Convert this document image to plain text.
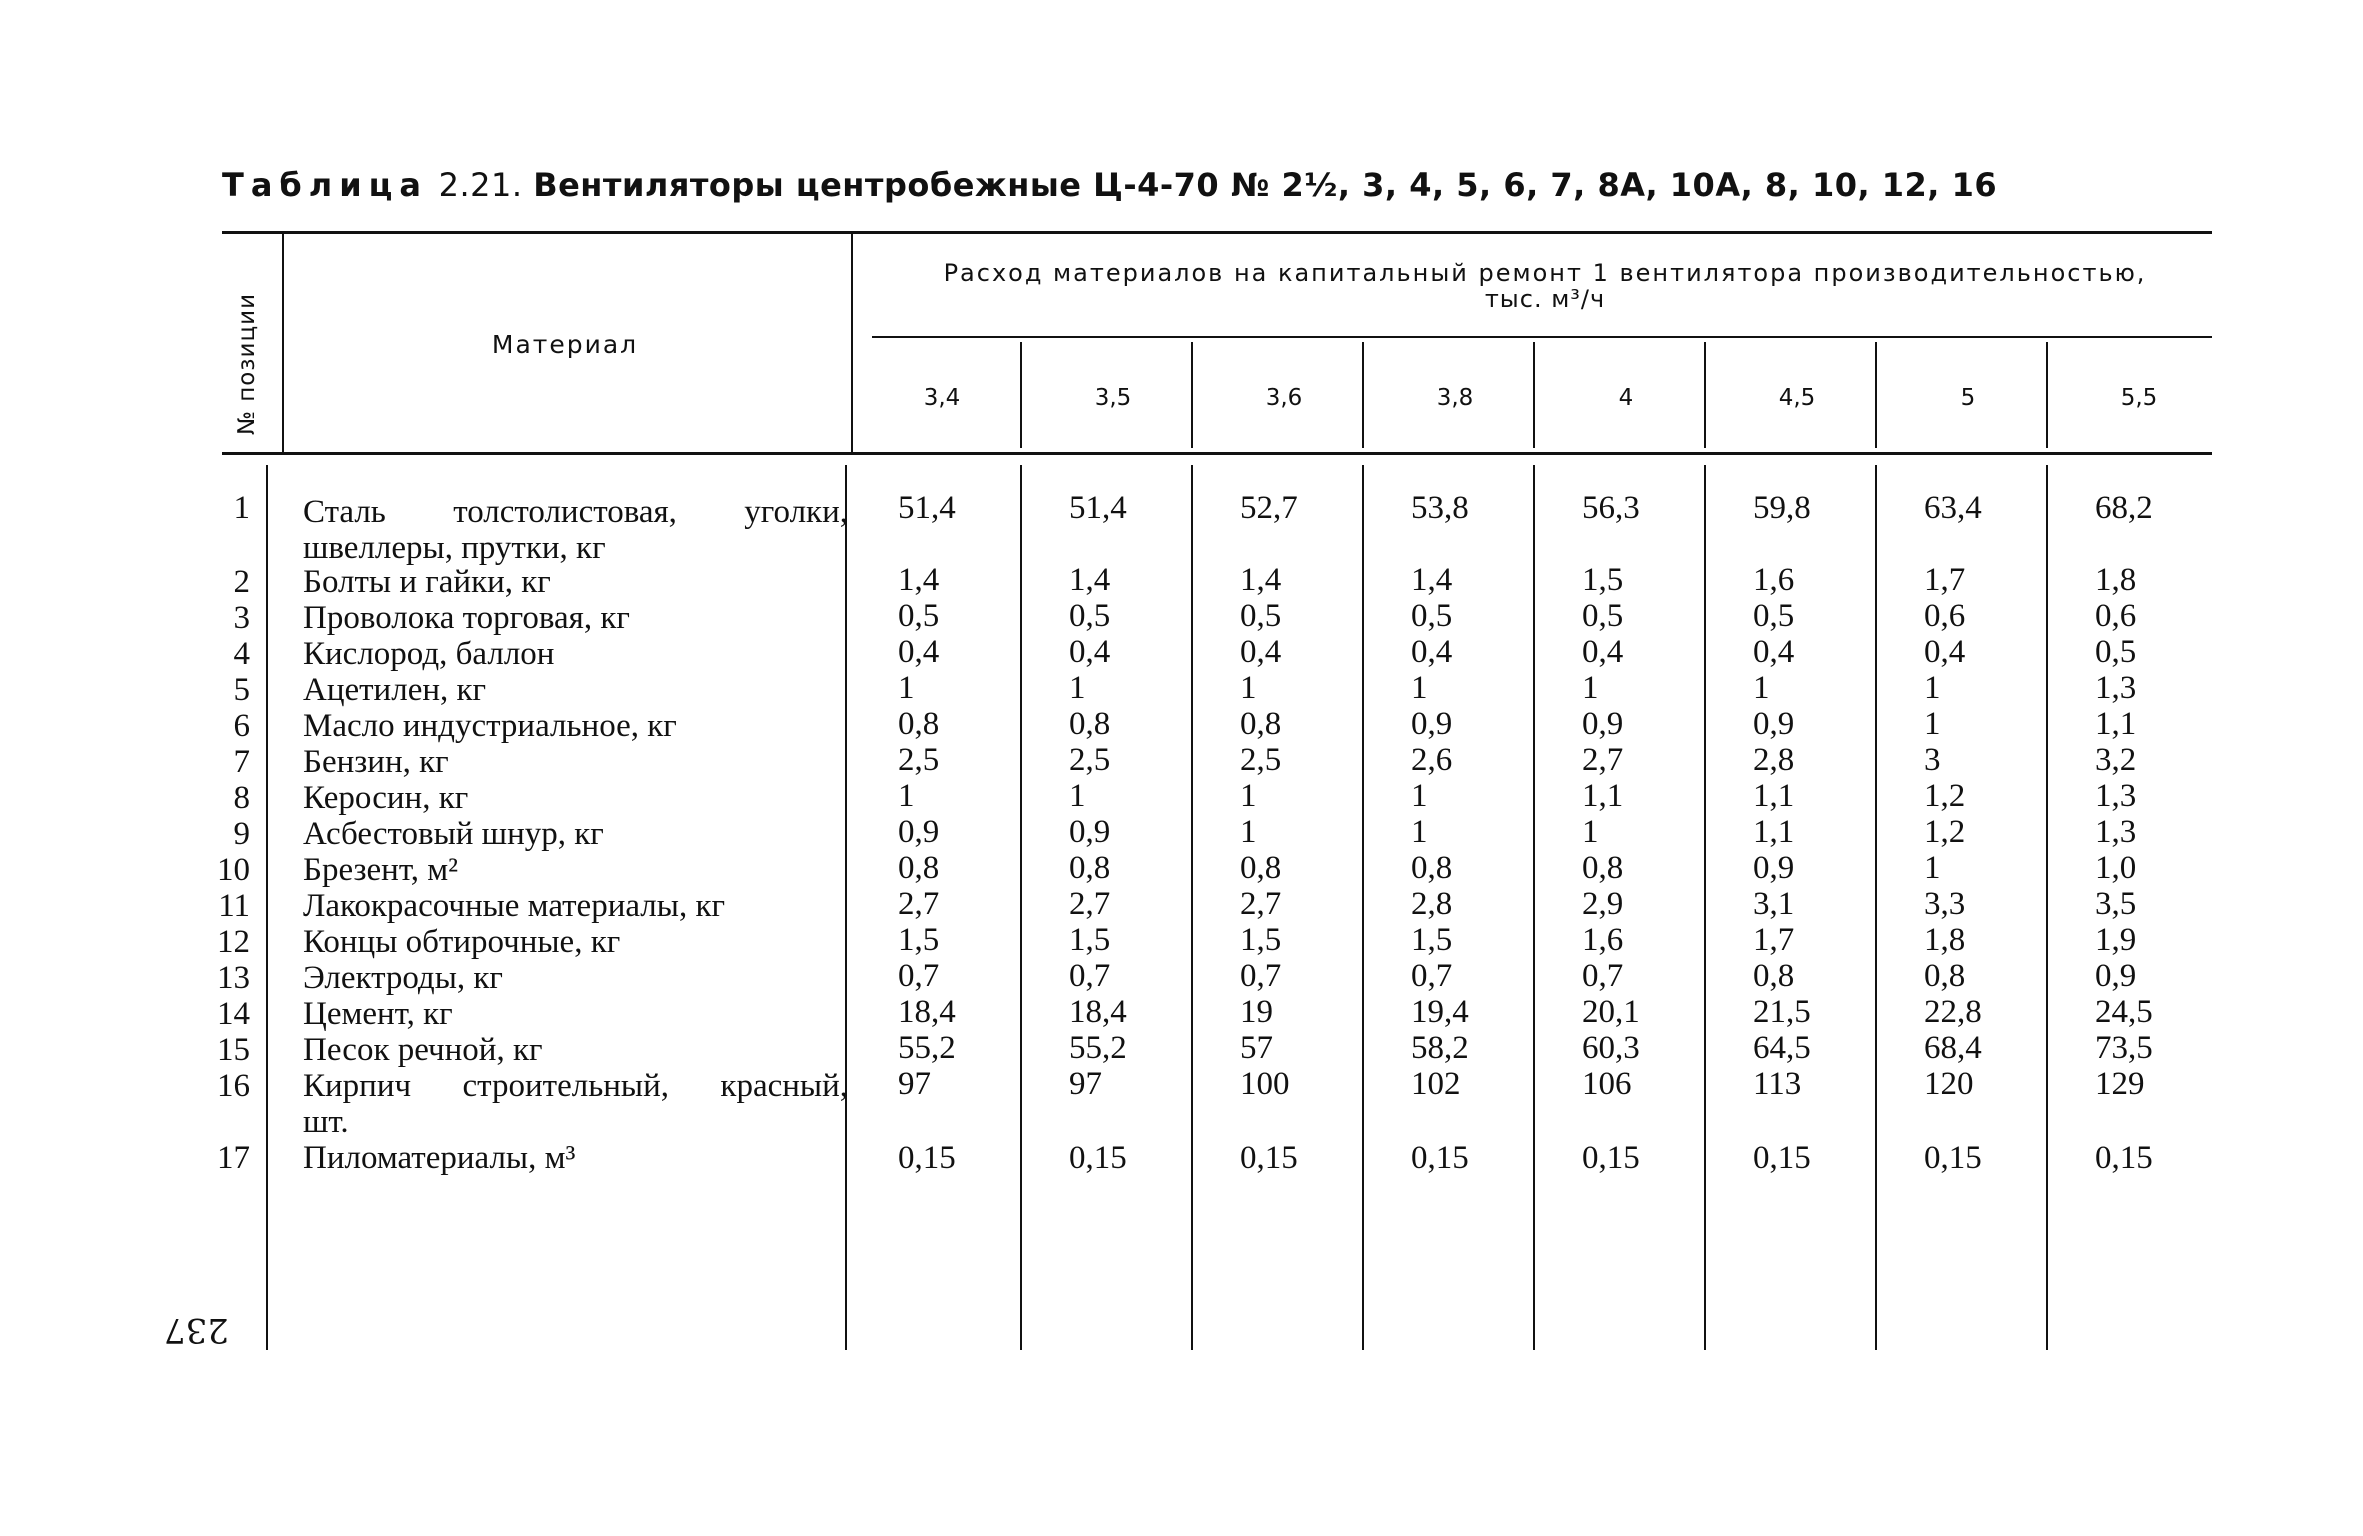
Таблица 2.21. Вентиляторы центробежные Ц-4-70 № 2½, 3, 4, 5, 6, 7, 8А, 10А, 8, 10, 12, 16
№ позиции	Материал
Расход материалов на капитальный ремонт 1 вентилятора производительностью,
тыс. м³/ч
3,4	3,5	3,6	3,8	4	4,5	5	5,5
1 Сталь толстолистовая, уголки,
швеллеры, прутки, кг
51,4	51,4	52,7	53,8	56,3	59,8	63,4	68,2
2 Болты и гайки, кг	1,4	1,4	1,4	1,4	1,5	1,6	1,7	1,8
3 Проволока торговая, кг	0,5	0,5	0,5	0,5	0,5	0,5	0,6	0,6
4 Кислород, баллон	0,4	0,4	0,4	0,4	0,4	0,4	0,4	0,5
5 Ацетилен, кг	1	1	1	1	1	1	1	1,3
6 Масло индустриальное, кг	0,8	0,8	0,8	0,9	0,9	0,9	1	1,1
7 Бензин, кг	2,5	2,5	2,5	2,6	2,7	2,8	3	3,2
8 Керосин, кг	1	1	1	1	1,1	1,1	1,2	1,3
9 Асбестовый шнур, кг	0,9	0,9	1	1	1	1,1	1,2	1,3
10 Брезент, м²	0,8	0,8	0,8	0,8	0,8	0,9	1	1,0
11 Лакокрасочные материалы, кг	2,7	2,7	2,7	2,8	2,9	3,1	3,3	3,5
12 Концы обтирочные, кг	1,5	1,5	1,5	1,5	1,6	1,7	1,8	1,9
13 Электроды, кг	0,7	0,7	0,7	0,7	0,7	0,8	0,8	0,9
14 Цемент, кг	18,4	18,4	19	19,4	20,1	21,5	22,8	24,5
15 Песок речной, кг	55,2	55,2	57	58,2	60,3	64,5	68,4	73,5
16 Кирпич строительный, красный,
шт.
97	97	100	102	106	113	120	129
17 Пиломатериалы, м³	0,15	0,15	0,15	0,15	0,15	0,15	0,15	0,15
237
